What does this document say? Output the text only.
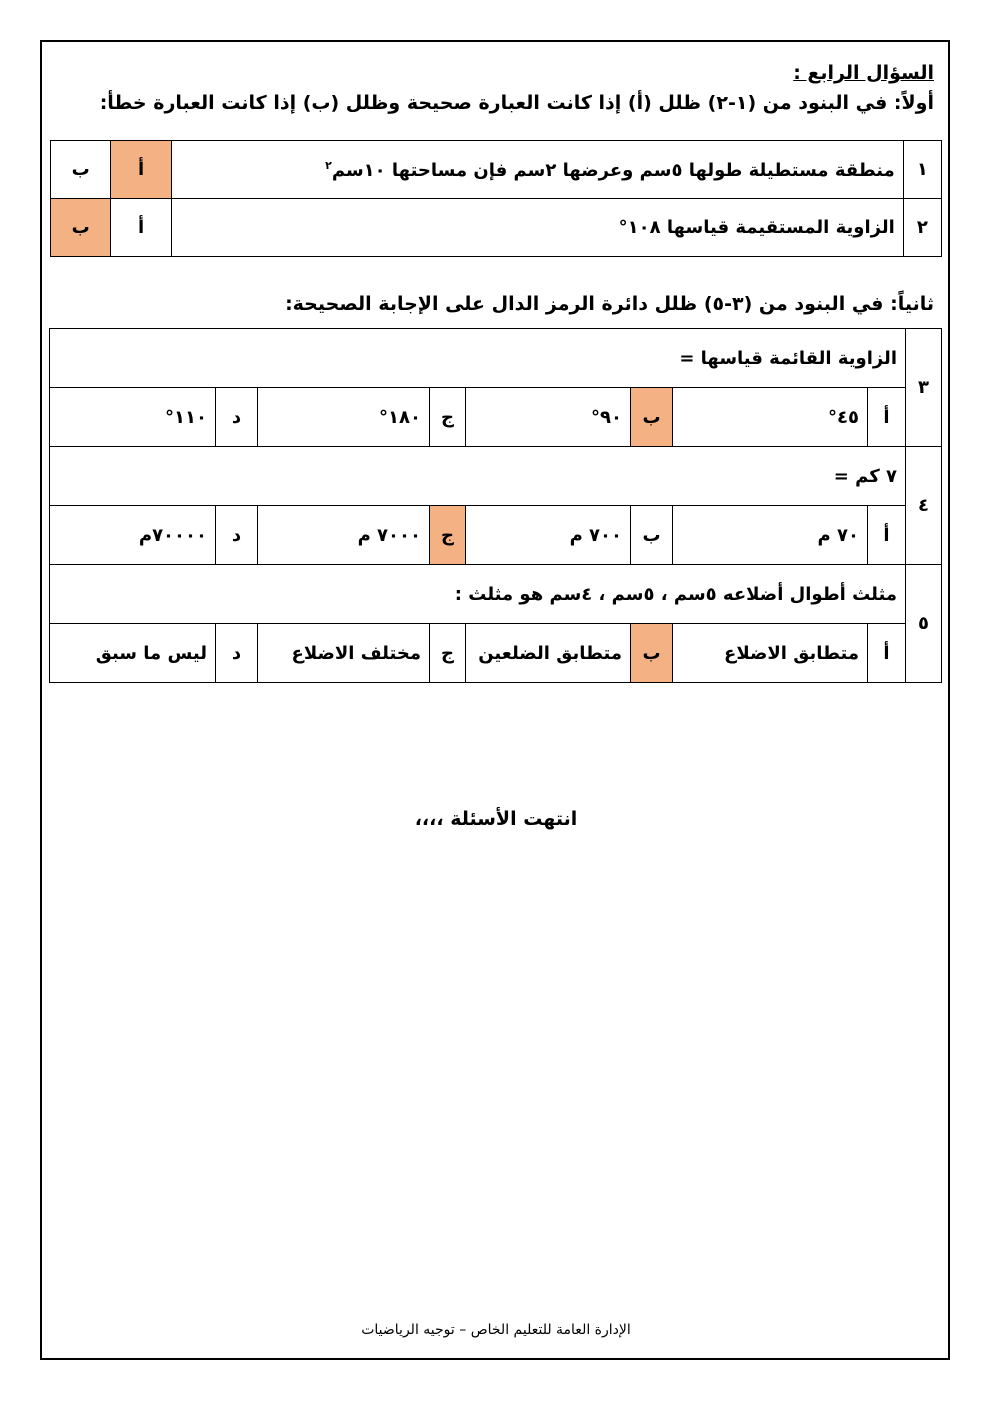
السؤال الرابع :
أولاً: في البنود من (١-٢) ظلل (أ) إذا كانت العبارة صحيحة وظلل (ب) إذا كانت العبارة خطأ:
١	منطقة مستطيلة طولها ٥سم وعرضها ٢سم فإن مساحتها ١٠سم$^٢$	أ	ب
٢	الزاوية المستقيمة قياسها ١٠٨°	أ	ب
ثانياً: في البنود من (٣-٥) ظلل دائرة الرمز الدال على الإجابة الصحيحة:
٣	الزاوية القائمة قياسها =							
	أ	٤٥°	ب	٩٠°	ج	١٨٠°	د	١١٠°
٤	٧ كم =							
	أ	٧٠ م	ب	٧٠٠ م	ج	٧٠٠٠ م	د	٧٠٠٠٠م
٥	مثلث أطوال أضلاعه ٥سم ، ٥سم ، ٤سم هو مثلث :							
	أ	متطابق الاضلاع	ب	متطابق الضلعين	ج	مختلف الاضلاع	د	ليس ما سبق
انتهت الأسئلة ،،،،
الإدارة العامة للتعليم الخاص – توجيه الرياضيات
